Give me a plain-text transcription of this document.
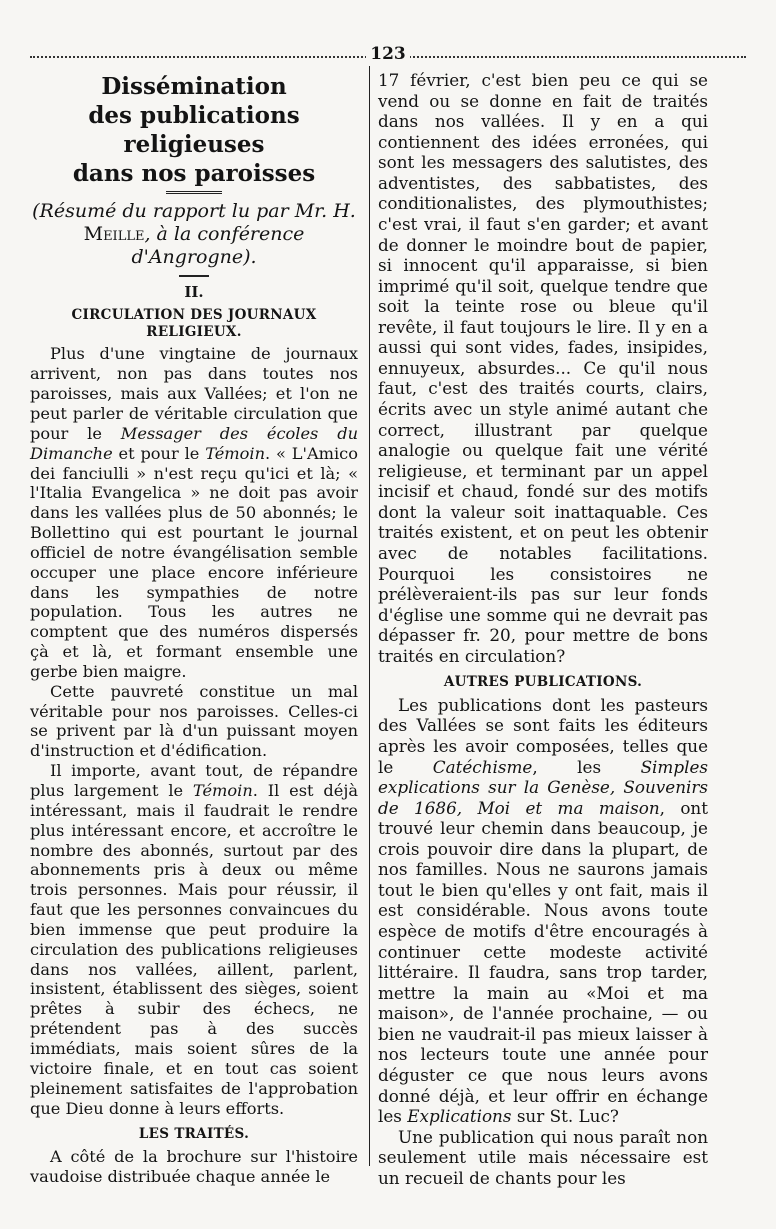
123
Dissémination
des publications religieuses
dans nos paroisses
(Résumé du rapport lu par Mr. H.
Meille, à la conférence d'Angrogne).
II.
CIRCULATION DES JOURNAUX RELIGIEUX.

Plus d'une vingtaine de journaux arrivent, non pas dans toutes nos paroisses, mais aux Vallées; et l'on ne peut parler de véritable circulation que pour le Messager des écoles du Dimanche et pour le Témoin. « L'Amico dei fanciulli » n'est reçu qu'ici et là; « l'Italia Evangelica » ne doit pas avoir dans les vallées plus de 50 abonnés; le Bollettino qui est pourtant le journal officiel de notre évangélisation semble occuper une place encore inférieure dans les sympathies de notre population. Tous les autres ne comptent que des numéros dispersés çà et là, et formant ensemble une gerbe bien maigre.

Cette pauvreté constitue un mal véritable pour nos paroisses. Celles-ci se privent par là d'un puissant moyen d'instruction et d'édification.

Il importe, avant tout, de répandre plus largement le Témoin. Il est déjà intéressant, mais il faudrait le rendre plus intéressant encore, et accroître le nombre des abonnés, surtout par des abonnements pris à deux ou même trois personnes. Mais pour réussir, il faut que les personnes convaincues du bien immense que peut produire la circulation des publications religieuses dans nos vallées, aillent, parlent, insistent, établissent des sièges, soient prêtes à subir des échecs, ne prétendent pas à des succès immédiats, mais soient sûres de la victoire finale, et en tout cas soient pleinement satisfaites de l'approbation que Dieu donne à leurs efforts.

LES TRAITÉS.

A côté de la brochure sur l'histoire vaudoise distribuée chaque année le

17 février, c'est bien peu ce qui se vend ou se donne en fait de traités dans nos vallées. Il y en a qui contiennent des idées erronées, qui sont les messagers des salutistes, des adventistes, des sabbatistes, des conditionalistes, des plymouthistes; c'est vrai, il faut s'en garder; et avant de donner le moindre bout de papier, si innocent qu'il apparaisse, si bien imprimé qu'il soit, quelque tendre que soit la teinte rose ou bleue qu'il revête, il faut toujours le lire. Il y en a aussi qui sont vides, fades, insipides, ennuyeux, absurdes... Ce qu'il nous faut, c'est des traités courts, clairs, écrits avec un style animé autant che correct, illustrant par quelque analogie ou quelque fait une vérité religieuse, et terminant par un appel incisif et chaud, fondé sur des motifs dont la valeur soit inattaquable. Ces traités existent, et on peut les obtenir avec de notables facilitations. Pourquoi les consistoires ne prélèveraient-ils pas sur leur fonds d'église une somme qui ne devrait pas dépasser fr. 20, pour mettre de bons traités en circulation?

AUTRES PUBLICATIONS.

Les publications dont les pasteurs des Vallées se sont faits les éditeurs après les avoir composées, telles que le Catéchisme, les Simples explications sur la Genèse, Souvenirs de 1686, Moi et ma maison, ont trouvé leur chemin dans beaucoup, je crois pouvoir dire dans la plupart, de nos familles. Nous ne saurons jamais tout le bien qu'elles y ont fait, mais il est considérable. Nous avons toute espèce de motifs d'être encouragés à continuer cette modeste activité littéraire. Il faudra, sans trop tarder, mettre la main au «Moi et ma maison», de l'année prochaine, — ou bien ne vaudrait-il pas mieux laisser à nos lecteurs toute une année pour déguster ce que nous leurs avons donné déjà, et leur offrir en échange les Explications sur St. Luc?

Une publication qui nous paraît non seulement utile mais nécessaire est un recueil de chants pour les
